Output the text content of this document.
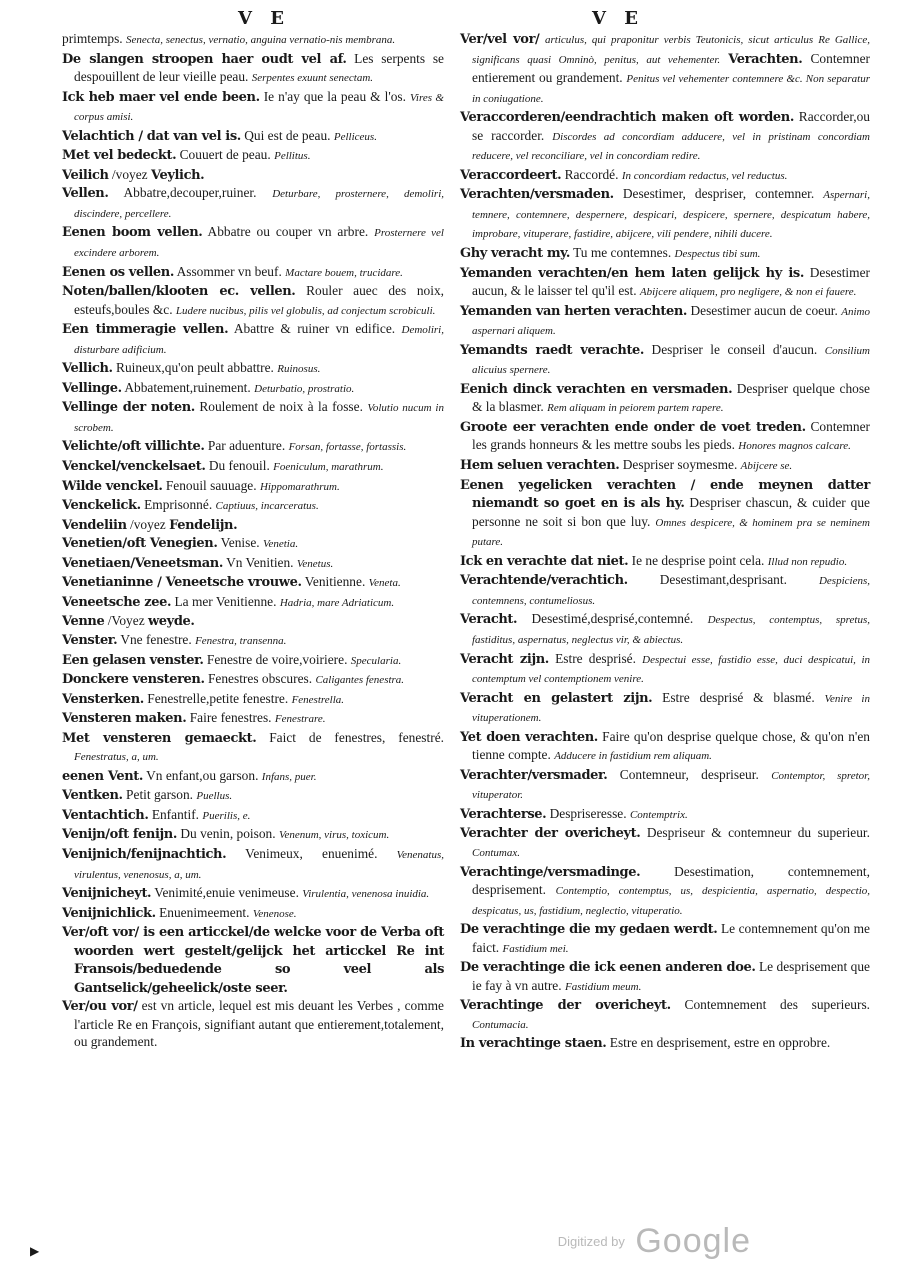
V E	V E

primtemps. Senecta, senectus, vernatio, anguina vernatio-nis membrana.

De slangen stroopen haer oudt vel af. Les serpents se despouillent de leur vieille peau. Serpentes exuunt senectam.

Ick heb maer vel ende been. Ie n'ay que la peau & l'os. Vires & corpus amisi.

Velachtich / dat van vel is. Qui est de peau. Pelliceus.

Met vel bedeckt. Couuert de peau. Pellitus.

Veilich /voyez Veylich.

Vellen. Abbatre,decouper,ruiner. Deturbare, prosternere, demoliri, discindere, percellere.

Eenen boom vellen. Abbatre ou couper vn arbre. Prosternere vel excindere arborem.

Eenen os vellen. Assommer vn beuf. Mactare bouem, trucidare.

Noten/ballen/klooten ec. vellen. Rouler auec des noix, esteufs,boules &c. Ludere nucibus, pilis vel globulis, ad conjectum scrobiculi.

Een timmeragie vellen. Abattre & ruiner vn edifice. Demoliri, disturbare adificium.

Vellich. Ruineux,qu'on peult abbattre. Ruinosus.

Vellinge. Abbatement,ruinement. Deturbatio, prostratio.

Vellinge der noten. Roulement de noix à la fosse. Volutio nucum in scrobem.

Velichte/oft villichte. Par aduenture. Forsan, fortasse, fortassis.

Venckel/venckelsaet. Du fenouil. Foeniculum, marathrum.

Wilde venckel. Fenouil sauuage. Hippomarathrum.

Venckelick. Emprisonné. Captiuus, incarceratus.

Vendeliin /voyez Fendelijn.

Venetien/oft Venegien. Venise. Venetia.

Venetiaen/Veneetsman. Vn Venitien. Venetus.

Venetianinne / Veneetsche vrouwe. Venitienne. Veneta.

Veneetsche zee. La mer Venitienne. Hadria, mare Adriaticum.

Venne /Voyez weyde.

Venster. Vne fenestre. Fenestra, transenna.

Een gelasen venster. Fenestre de voire,voiriere. Specularia.

Donckere vensteren. Fenestres obscures. Caligantes fenestra.

Vensterken. Fenestrelle,petite fenestre. Fenestrella.

Vensteren maken. Faire fenestres. Fenestrare.

Met vensteren gemaeckt. Faict de fenestres, fenestré. Fenestratus, a, um.

eenen Vent. Vn enfant,ou garson. Infans, puer.

Ventken. Petit garson. Puellus.

Ventachtich. Enfantif. Puerilis, e.

Venijn/oft fenijn. Du venin, poison. Venenum, virus, toxicum.

Venijnich/fenijnachtich. Venimeux, enuenimé. Venenatus, virulentus, venenosus, a, um.

Venijnicheyt. Venimité,enuie venimeuse. Virulentia, venenosa inuidia.

Venijnichlick. Enuenimeement. Venenose.

Ver/oft vor/ is een articckel/de welcke voor de Verba oft woorden wert gestelt/gelijck het articckel Re int Fransois/beduedende so veel als Gantselick/geheelick/oste seer.

Ver/ou vor/ est vn article, lequel est mis deuant les Verbes , comme l'article Re en François, signifiant autant que entierement,totalement, ou grandement.

Ver/vel vor/ articulus, qui praponitur verbis Teutonicis, sicut articulus Re Gallice, significans quasi Omninò, penitus, aut vehementer. Verachten. Contemner entierement ou grandement. Penitus vel vehementer contemnere &c. Non separatur in coniugatione.

Veraccorderen/eendrachtich maken oft worden. Raccorder,ou se raccorder. Discordes ad concordiam adducere, vel in pristinam concordiam reducere, vel reconciliare, vel in concordiam redire.

Veraccordeert. Raccordé. In concordiam redactus, vel reductus.

Verachten/versmaden. Desestimer, despriser, contemner. Aspernari, temnere, contemnere, despernere, despicari, despicere, spernere, despicatum habere, improbare, vituperare, fastidire, abijcere, vili pendere, nihili ducere.

Ghy veracht my. Tu me contemnes. Despectus tibi sum.

Yemanden verachten/en hem laten gelijck hy is. Desestimer aucun, & le laisser tel qu'il est. Abijcere aliquem, pro negligere, & non ei fauere.

Yemanden van herten verachten. Desestimer aucun de coeur. Animo aspernari aliquem.

Yemandts raedt verachte. Despriser le conseil d'aucun. Consilium alicuius spernere.

Eenich dinck verachten en versmaden. Despriser quelque chose & la blasmer. Rem aliquam in peiorem partem rapere.

Groote eer verachten ende onder de voet treden. Contemner les grands honneurs & les mettre soubs les pieds. Honores magnos calcare.

Hem seluen verachten. Despriser soymesme. Abijcere se.

Eenen yegelicken verachten / ende meynen datter niemandt so goet en is als hy. Despriser chascun, & cuider que personne ne soit si bon que luy. Omnes despicere, & hominem pra se neminem putare.

Ick en verachte dat niet. Ie ne desprise point cela. Illud non repudio.

Verachtende/verachtich. Desestimant,desprisant.	Despiciens, contemnens, contumeliosus.

Veracht. Desestimé,desprisé,contemné. Despectus, contemptus, spretus, fastiditus, aspernatus, neglectus vir, & abiectus.

Veracht zijn. Estre desprisé. Despectui esse, fastidio esse, duci despicatui, in contemptum vel contemptionem venire.

Veracht en gelastert zijn. Estre desprisé & blasmé. Venire in vituperationem.

Yet doen verachten. Faire qu'on desprise quelque chose, & qu'on n'en tienne compte. Adducere in fastidium rem aliquam.

Verachter/versmader. Contemneur, despriseur. Contemptor, spretor, vituperator.

Verachterse. Despriseresse. Contemptrix.

Verachter der overicheyt. Despriseur & contemneur du superieur. Contumax.

Verachtinge/versmadinge.	Desestimation, contemnement, desprisement. Contemptio, contemptus, us, despicientia, aspernatio, despectio, despicatus, us, fastidium, neglectio, vituperatio.

De verachtinge die my gedaen werdt. Le contemnement qu'on me faict. Fastidium mei.

De verachtinge die ick eenen anderen doe. Le desprisement que ie fay à vn autre. Fastidium meum.

Verachtinge der overicheyt. Contemnement des superieurs. Contumacia.

In verachtinge staen. Estre en desprisement, estre en opprobre.

▶
Digitized by Google
